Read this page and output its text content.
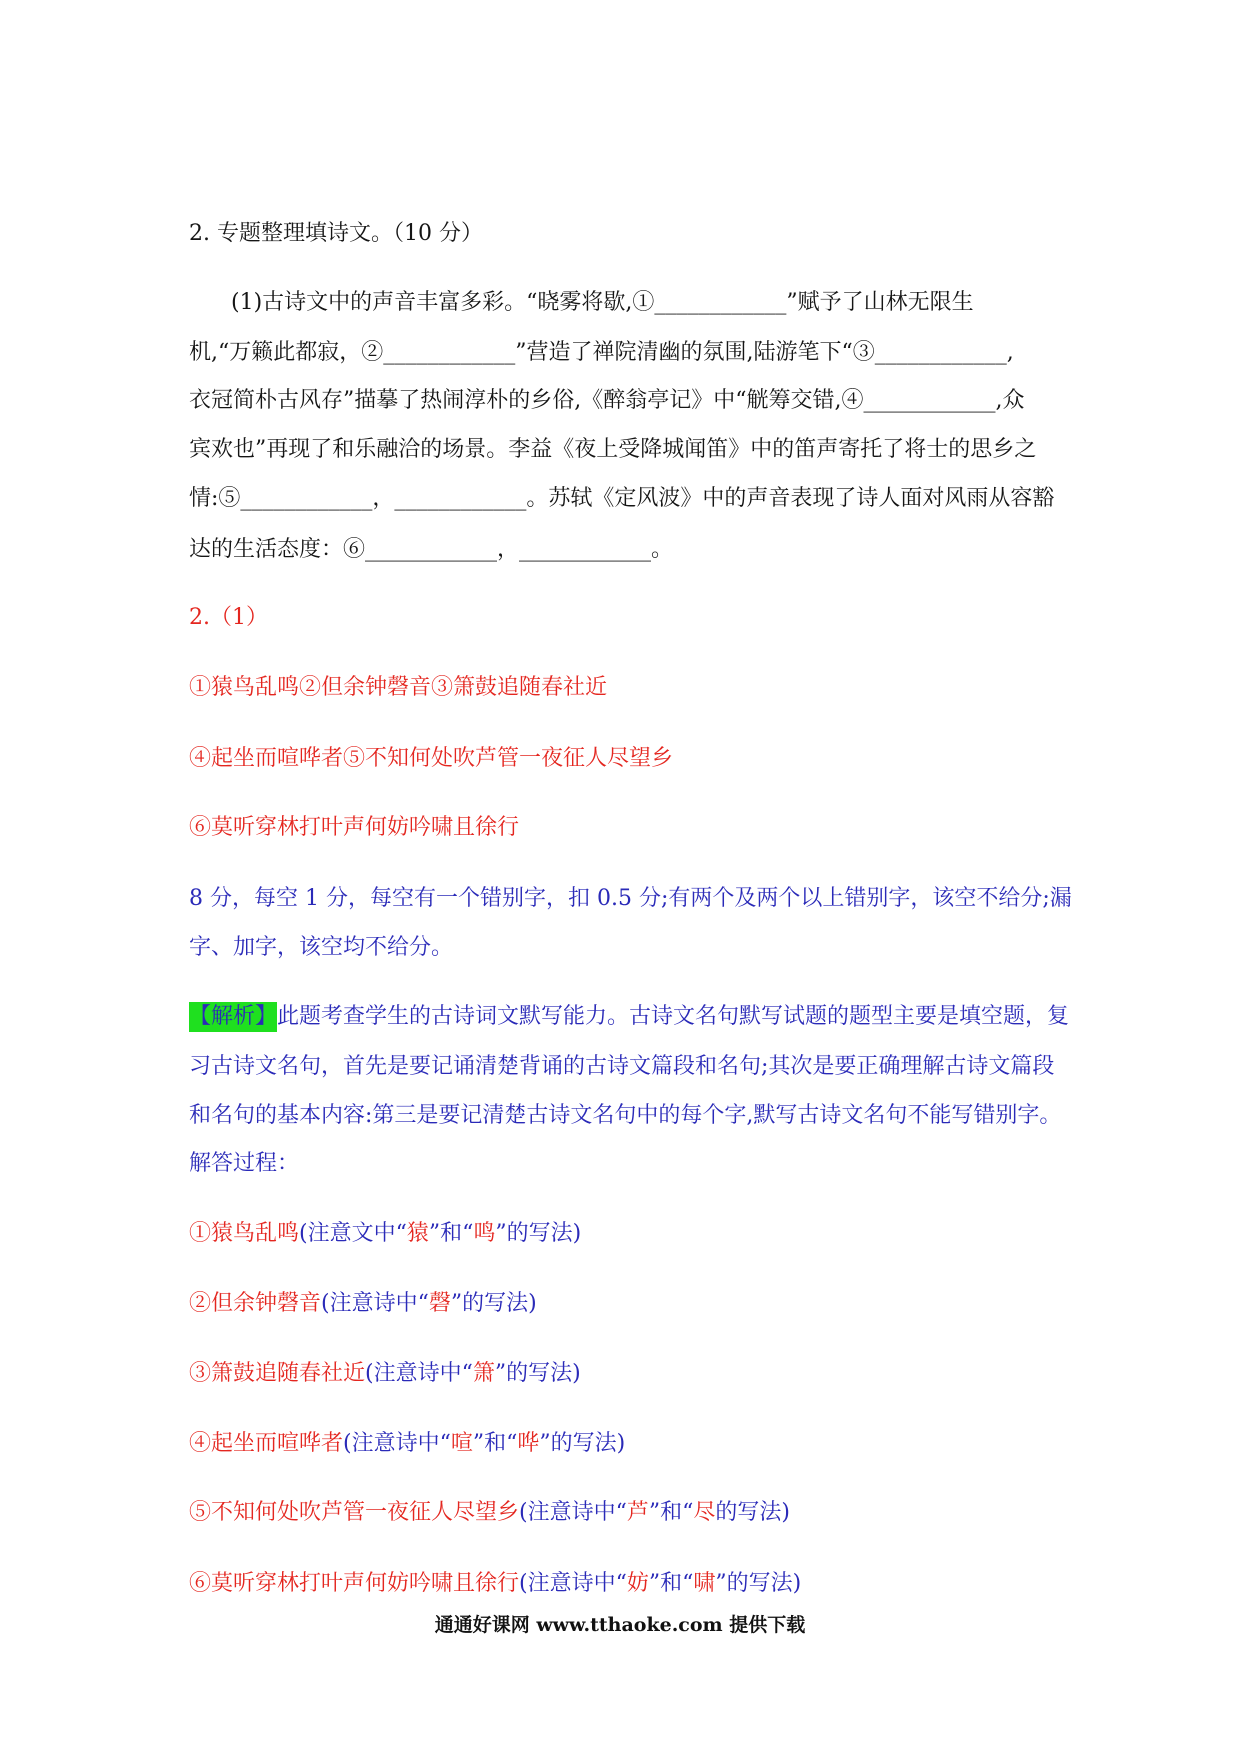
2. 专题整理填诗文。（10 分）
(1)古诗文中的声音丰富多彩。“晓雾将歇,①____________”赋予了山林无限生
机,“万籁此都寂，②____________”营造了禅院清幽的氛围,陆游笔下“③____________,
衣冠简朴古风存”描摹了热闹淳朴的乡俗,《醉翁亭记》中“觥筹交错,④____________,众
宾欢也”再现了和乐融洽的场景。李益《夜上受降城闻笛》中的笛声寄托了将士的思乡之
情:⑤____________，____________。苏轼《定风波》中的声音表现了诗人面对风雨从容豁
达的生活态度：⑥____________，____________。
2.（1）
①猿鸟乱鸣②但余钟磬音③箫鼓追随春社近
④起坐而喧哗者⑤不知何处吹芦管一夜征人尽望乡
⑥莫听穿林打叶声何妨吟啸且徐行
8 分，每空 1 分，每空有一个错别字，扣 0.5 分;有两个及两个以上错别字，该空不给分;漏
字、加字，该空均不给分。
【解析】 此题考查学生的古诗词文默写能力。古诗文名句默写试题的题型主要是填空题，复
习古诗文名句，首先是要记诵清楚背诵的古诗文篇段和名句;其次是要正确理解古诗文篇段
和名句的基本内容:第三是要记清楚古诗文名句中的每个字,默写古诗文名句不能写错别字。
解答过程：
①猿鸟乱鸣 (注意文中“ 猿 ”和“ 鸣 ”的写法)
②但余钟磬音 (注意诗中“ 磬 ”的写法)
③箫鼓追随春社近 (注意诗中“ 箫 ”的写法)
④起坐而喧哗者 (注意诗中“ 喧 ”和“ 哗 ”的写法)
⑤不知何处吹芦管一夜征人尽望乡 (注意诗中“ 芦 ”和“ 尽 的写法)
⑥莫听穿林打叶声何妨吟啸且徐行 (注意诗中“ 妨 ”和“ 啸 ”的写法)
通通好课网 www.tthaoke.com 提供下载
